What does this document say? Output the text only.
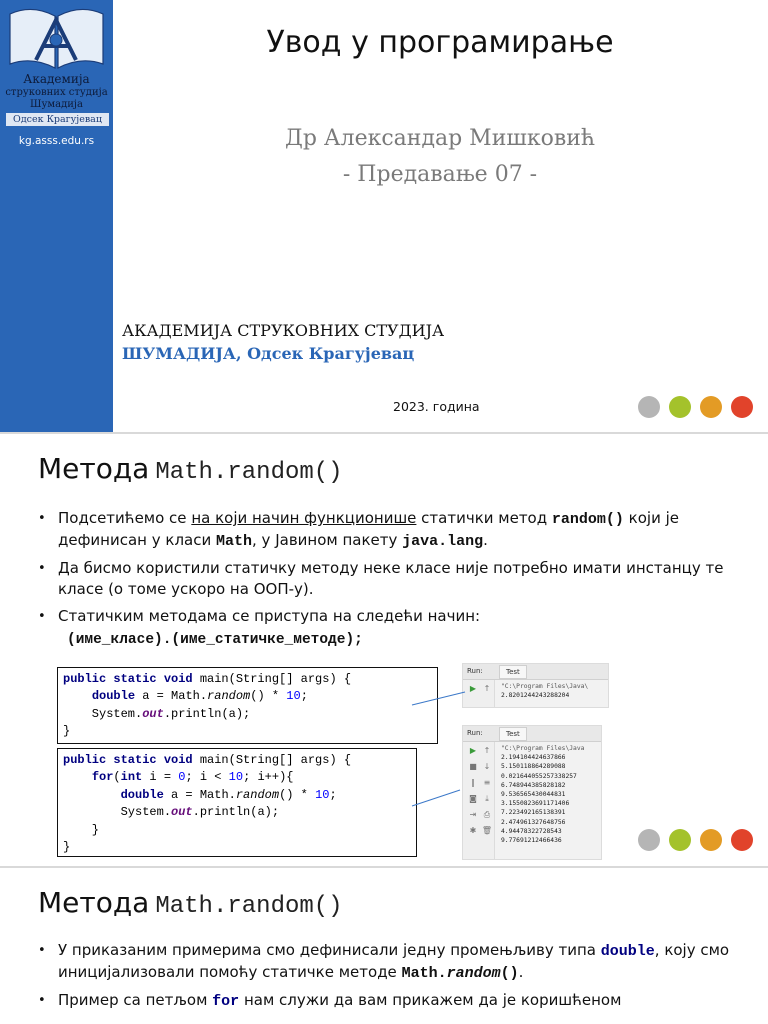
Академија
струковних студија
Шумадија
Одсек Крагујевац
kg.asss.edu.rs
Увод у програмирање
Др Александар Мишковић
- Предавање 07 -
АКАДЕМИЈА СТРУКОВНИХ СТУДИЈА
ШУМАДИЈА, Одсек Крагујевац
2023. година
Метода Math.random()
• Подсетићемо се на који начин функционише статички метод random() који је дефинисан у класи Math, у Јавином пакету java.lang.
• Да бисмо користили статичку методу неке класе није потребно имати инстанцу те класе (о томе ускоро на ООП-у).
• Статичким методама се приступа на следећи начин:
(име_класе).(име_статичке_методе);
public static void main(String[] args) {
double a = Math.random() * 10;
System.out.println(a);
}
public static void main(String[] args) {
for(int i = 0; i < 10; i++){
double a = Math.random() * 10;
System.out.println(a);
}
}
Run:	Test
▶ ↑	"C:\Program Files\Java\
2.8201244243288204
Run:	Test
▶ ↑
■ ↓
‖	≡
◙	⤓
⇥ ⎙
✱ 🗑
"C:\Program Files\Java
2.194104424637866
5.150118864289088
0.021644055257338257
6.748944385828182
9.536565430044831
3.1550823691171406
7.223492165138391
2.474961327648756
4.94478322728543
9.77691212466436
Метода Math.random()
• У приказаним примерима смо дефинисали једну промењљиву типа double, коју смо иницијализовали помоћу статичке методе Math.random().
• Пример са петљом for нам служи да вам прикажем да је коришћеном
